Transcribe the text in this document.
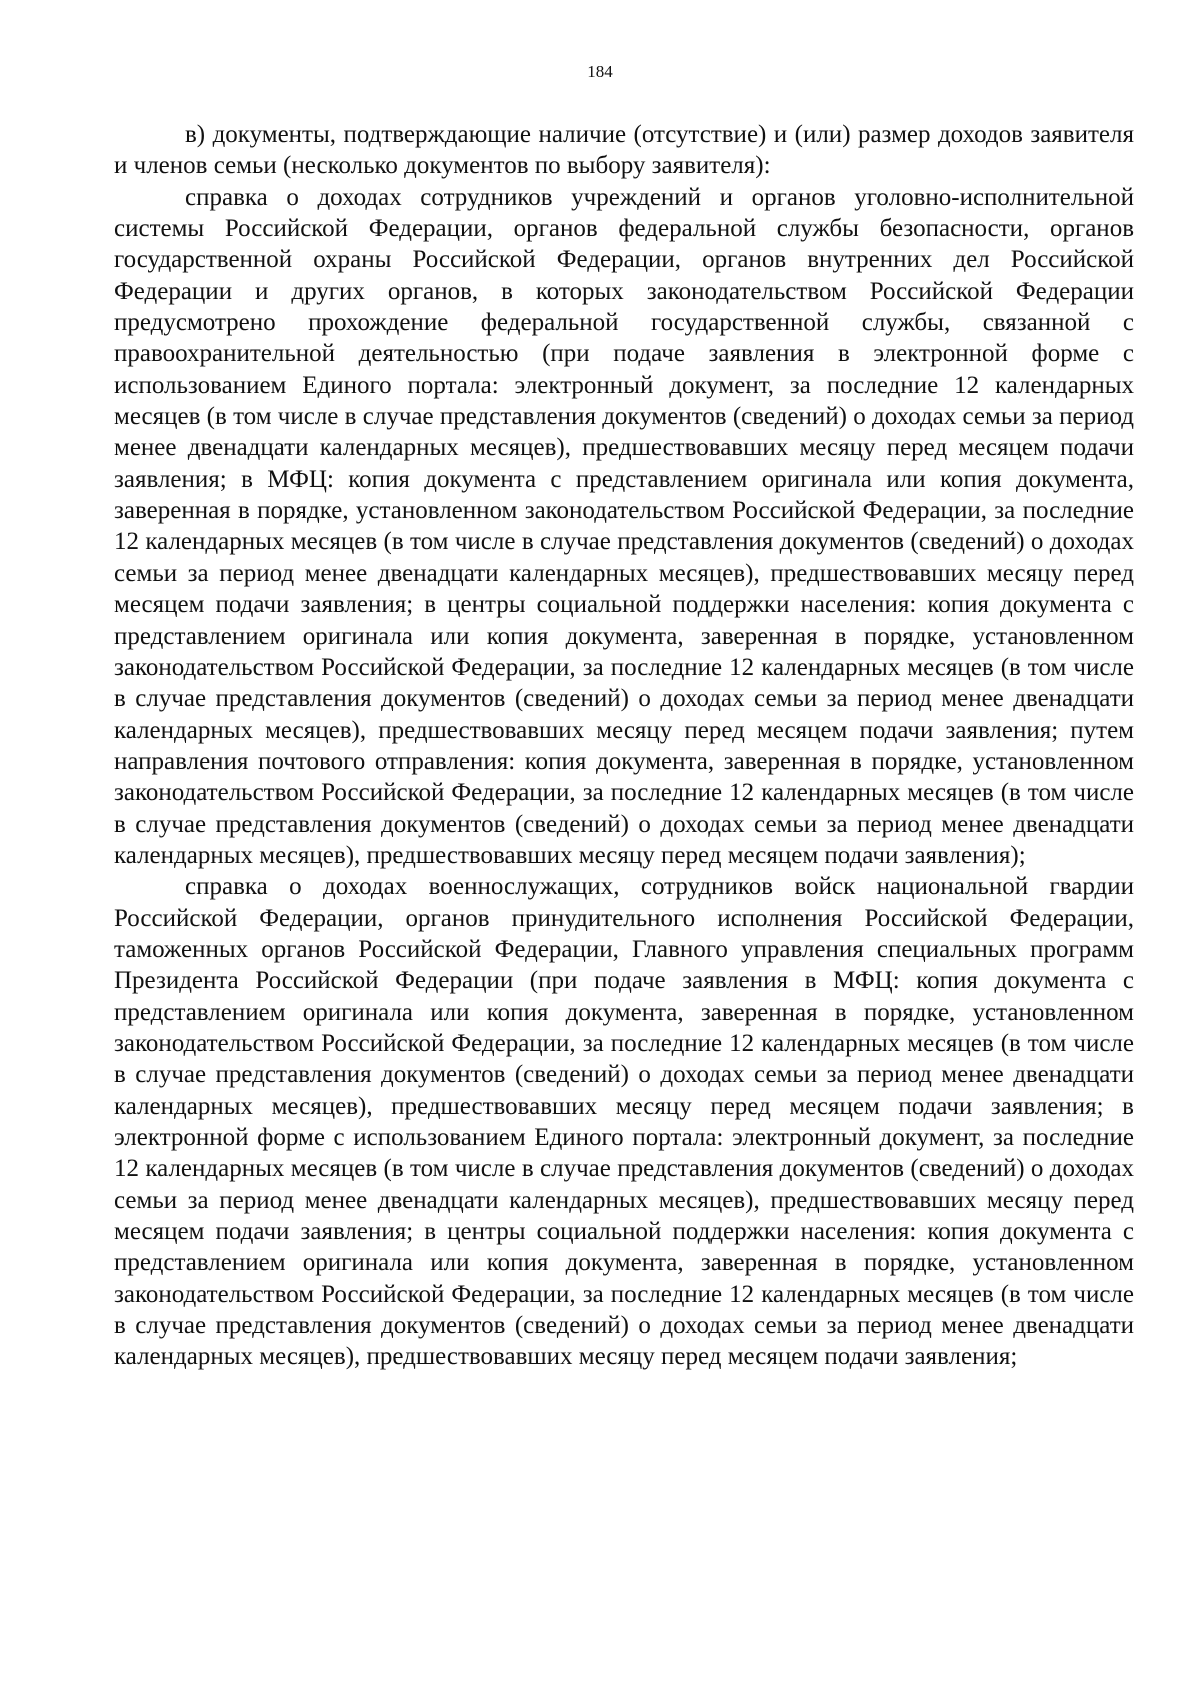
184

в) документы, подтверждающие наличие (отсутствие) и (или) размер доходов заявителя и членов семьи (несколько документов по выбору заявителя):

справка о доходах сотрудников учреждений и органов уголовно-исполнительной системы Российской Федерации, органов федеральной службы безопасности, органов государственной охраны Российской Федерации, органов внутренних дел Российской Федерации и других органов, в которых законодательством Российской Федерации предусмотрено прохождение федеральной государственной службы, связанной с правоохранительной деятельностью (при подаче заявления в электронной форме с использованием Единого портала: электронный документ, за последние 12 календарных месяцев (в том числе в случае представления документов (сведений) о доходах семьи за период менее двенадцати календарных месяцев), предшествовавших месяцу перед месяцем подачи заявления; в МФЦ: копия документа с представлением оригинала или копия документа, заверенная в порядке, установленном законодательством Российской Федерации, за последние 12 календарных месяцев (в том числе в случае представления документов (сведений) о доходах семьи за период менее двенадцати календарных месяцев), предшествовавших месяцу перед месяцем подачи заявления; в центры социальной поддержки населения: копия документа с представлением оригинала или копия документа, заверенная в порядке, установленном законодательством Российской Федерации, за последние 12 календарных месяцев (в том числе в случае представления документов (сведений) о доходах семьи за период менее двенадцати календарных месяцев), предшествовавших месяцу перед месяцем подачи заявления; путем направления почтового отправления: копия документа, заверенная в порядке, установленном законодательством Российской Федерации, за последние 12 календарных месяцев (в том числе в случае представления документов (сведений) о доходах семьи за период менее двенадцати календарных месяцев), предшествовавших месяцу перед месяцем подачи заявления);

справка о доходах военнослужащих, сотрудников войск национальной гвардии Российской Федерации, органов принудительного исполнения Российской Федерации, таможенных органов Российской Федерации, Главного управления специальных программ Президента Российской Федерации (при подаче заявления в МФЦ: копия документа с представлением оригинала или копия документа, заверенная в порядке, установленном законодательством Российской Федерации, за последние 12 календарных месяцев (в том числе в случае представления документов (сведений) о доходах семьи за период менее двенадцати календарных месяцев), предшествовавших месяцу перед месяцем подачи заявления; в электронной форме с использованием Единого портала: электронный документ, за последние 12 календарных месяцев (в том числе в случае представления документов (сведений) о доходах семьи за период менее двенадцати календарных месяцев), предшествовавших месяцу перед месяцем подачи заявления; в центры социальной поддержки населения: копия документа с представлением оригинала или копия документа, заверенная в порядке, установленном законодательством Российской Федерации, за последние 12 календарных месяцев (в том числе в случае представления документов (сведений) о доходах семьи за период менее двенадцати календарных месяцев), предшествовавших месяцу перед месяцем подачи заявления;
